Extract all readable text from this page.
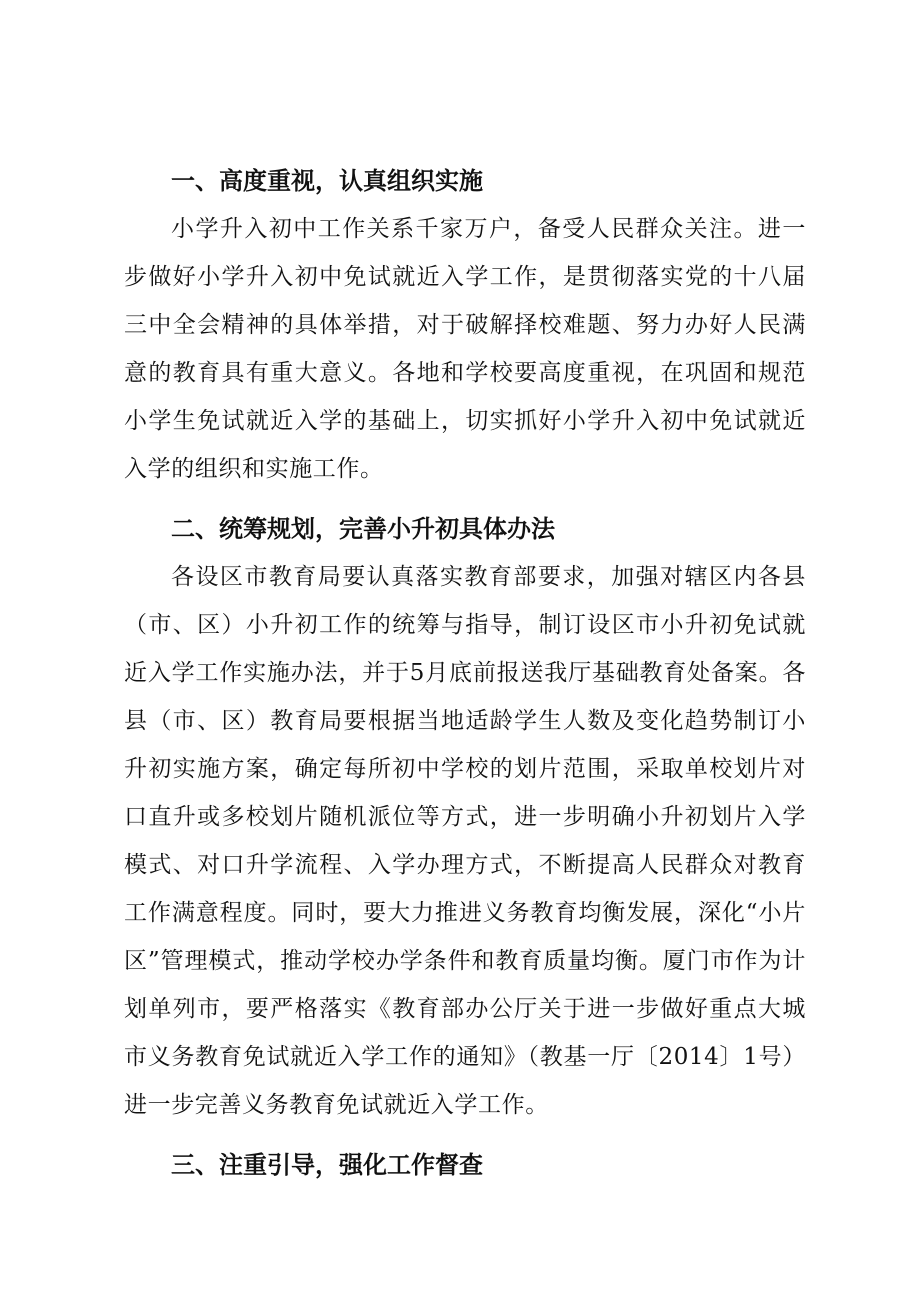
一、高度重视，认真组织实施

小学升入初中工作关系千家万户，备受人民群众关注。进一步做好小学升入初中免试就近入学工作，是贯彻落实党的十八届三中全会精神的具体举措，对于破解择校难题、努力办好人民满意的教育具有重大意义。各地和学校要高度重视，在巩固和规范小学生免试就近入学的基础上，切实抓好小学升入初中免试就近入学的组织和实施工作。

二、统筹规划，完善小升初具体办法

各设区市教育局要认真落实教育部要求，加强对辖区内各县（市、区）小升初工作的统筹与指导，制订设区市小升初免试就近入学工作实施办法，并于5月底前报送我厅基础教育处备案。各县（市、区）教育局要根据当地适龄学生人数及变化趋势制订小升初实施方案，确定每所初中学校的划片范围，采取单校划片对口直升或多校划片随机派位等方式，进一步明确小升初划片入学模式、对口升学流程、入学办理方式，不断提高人民群众对教育工作满意程度。同时，要大力推进义务教育均衡发展，深化“小片区”管理模式，推动学校办学条件和教育质量均衡。厦门市作为计划单列市，要严格落实《教育部办公厅关于进一步做好重点大城市义务教育免试就近入学工作的通知》（教基一厅〔2014〕1号）进一步完善义务教育免试就近入学工作。

三、注重引导，强化工作督查
